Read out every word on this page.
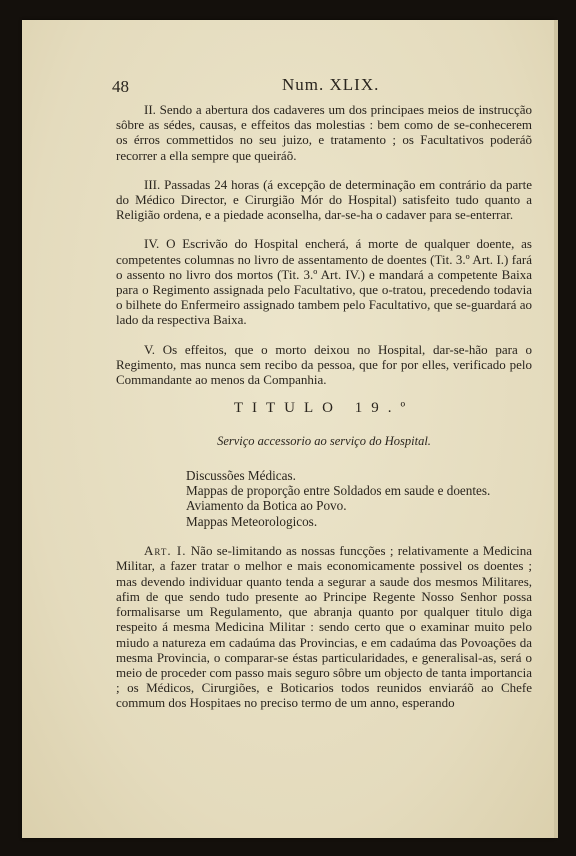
48	Num. XLIX.

II. Sendo a abertura dos cadaveres um dos principaes meios de instrucção sôbre as sédes, causas, e effeitos das molestias : bem como de se-conhecerem os érros commettidos no seu juizo, e tratamento ; os Facultativos poderáõ recorrer a ella sempre que queiráõ.

III. Passadas 24 horas (á excepção de determinação em contrário da parte do Médico Director, e Cirurgião Mór do Hospital) satisfeito tudo quanto a Religião ordena, e a piedade aconselha, dar-se-ha o cadaver para se-enterrar.

IV. O Escrivão do Hospital encherá, á morte de qualquer doente, as competentes columnas no livro de assentamento de doentes (Tit. 3.º Art. I.) fará o assento no livro dos mortos (Tit. 3.º Art. IV.) e mandará a competente Baixa para o Regimento assignada pelo Facultativo, que o-tratou, precedendo todavia o bilhete do Enfermeiro assignado tambem pelo Facultativo, que se-guardará ao lado da respectiva Baixa.

V. Os effeitos, que o morto deixou no Hospital, dar-se-hão para o Regimento, mas nunca sem recibo da pessoa, que for por elles, verificado pelo Commandante ao menos da Companhia.

TITULO 19.º
Serviço accessorio ao serviço do Hospital.
Discussões Médicas.
Mappas de proporção entre Soldados em saude e doentes.
Aviamento da Botica ao Povo.
Mappas Meteorologicos.

Art. I. Não se-limitando as nossas funcções ; relativamente a Medicina Militar, a fazer tratar o melhor e mais economicamente possivel os doentes ; mas devendo individuar quanto tenda a segurar a saude dos mesmos Militares, afim de que sendo tudo presente ao Principe Regente Nosso Senhor possa formalisarse um Regulamento, que abranja quanto por qualquer titulo diga respeito á mesma Medicina Militar : sendo certo que o examinar muito pelo miudo a natureza em cadaúma das Provincias, e em cadaúma das Povoações da mesma Provincia, o comparar-se éstas particularidades, e generalisal-as, será o meio de proceder com passo mais seguro sôbre um objecto de tanta importancia ; os Médicos, Cirurgiões, e Boticarios todos reunidos enviaráõ ao Chefe commum dos Hospitaes no preciso termo de um anno, esperando
